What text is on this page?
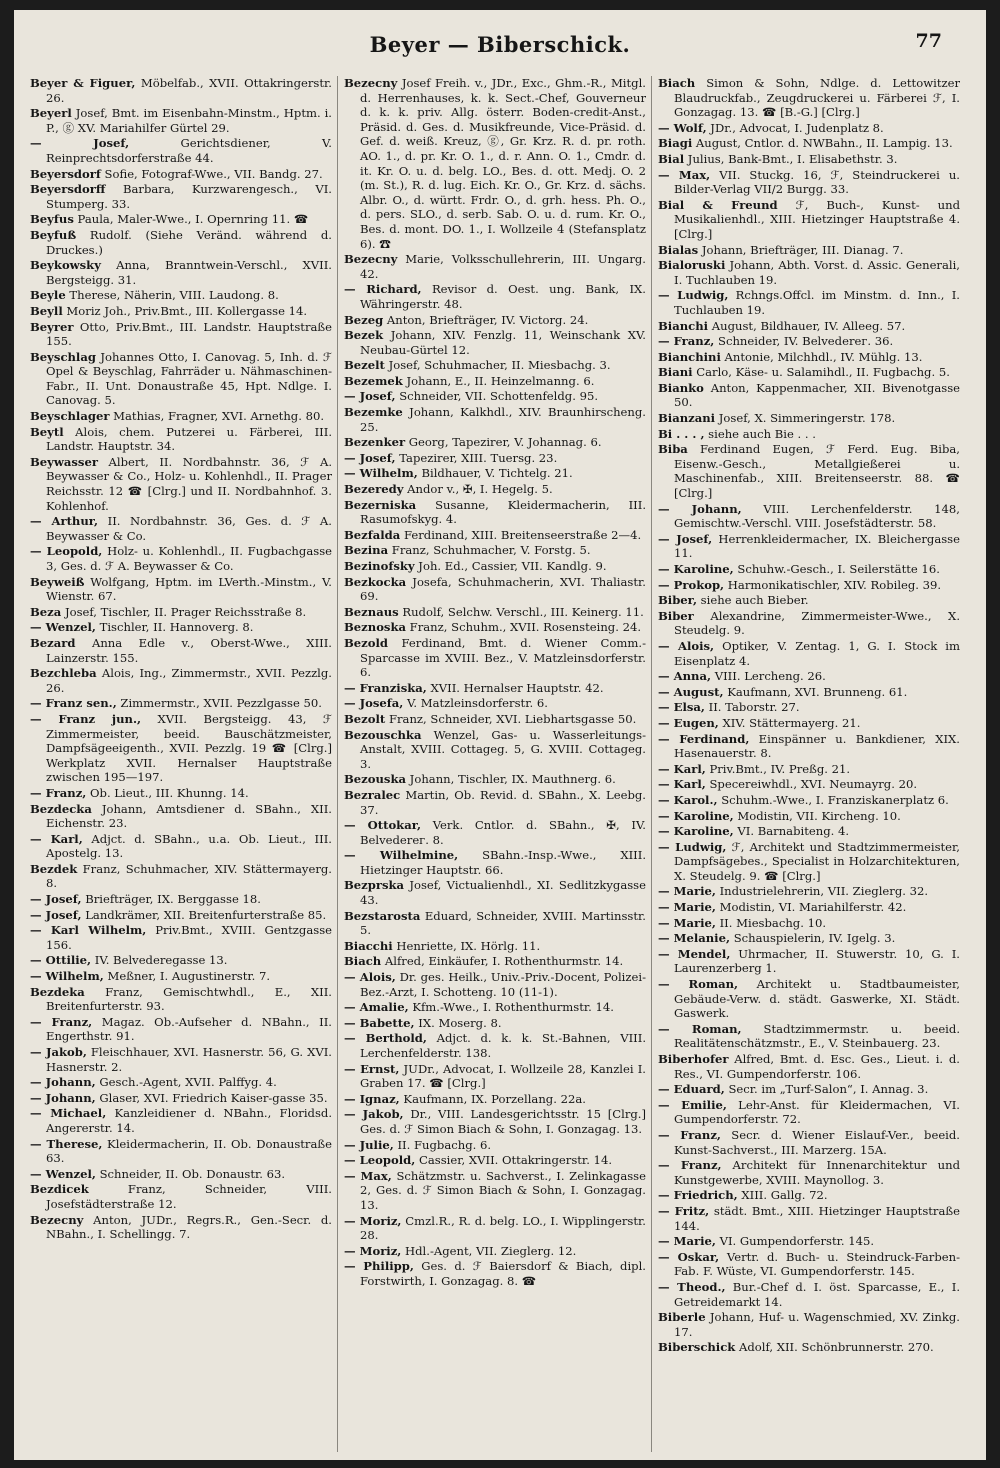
Beyer — Biberschick.	77
Beyer & Figuer, Möbelfab., XVII. Ottakringerstr. 26.
Beyerl Josef, Bmt. im Eisenbahn-Minstm., Hptm. i. P., ⓖ XV. Mariahilfer Gürtel 29.
— Josef, Gerichtsdiener, V. Reinprechtsdorferstraße 44.
Beyersdorf Sofie, Fotograf-Wwe., VII. Bandg. 27.
Beyersdorff Barbara, Kurzwarengesch., VI. Stumperg. 33.
Beyfus Paula, Maler-Wwe., I. Opernring 11. ☎
Beyfuß Rudolf. (Siehe Veränd. während d. Druckes.)
Beykowsky Anna, Branntwein-Verschl., XVII. Bergsteigg. 31.
Beyle Therese, Näherin, VIII. Laudong. 8.
Beyll Moriz Joh., Priv.Bmt., III. Kollergasse 14.
Beyrer Otto, Priv.Bmt., III. Landstr. Hauptstraße 155.
Beyschlag Johannes Otto, I. Canovag. 5, Inh. d. ℱ Opel & Beyschlag, Fahrräder u. Nähmaschinen-Fabr., II. Unt. Donaustraße 45, Hpt. Ndlge. I. Canovag. 5.
Beyschlager Mathias, Fragner, XVI. Arnethg. 80.
Beytl Alois, chem. Putzerei u. Färberei, III. Landstr. Hauptstr. 34.
Beywasser Albert, II. Nordbahnstr. 36, ℱ A. Beywasser & Co., Holz- u. Kohlenhdl., II. Prager Reichsstr. 12 ☎ [Clrg.] und II. Nordbahnhof. 3. Kohlenhof.
— Arthur, II. Nordbahnstr. 36, Ges. d. ℱ A. Beywasser & Co.
— Leopold, Holz- u. Kohlenhdl., II. Fugbachgasse 3, Ges. d. ℱ A. Beywasser & Co.
Beyweiß Wolfgang, Hptm. im LVerth.-Minstm., V. Wienstr. 67.
Beza Josef, Tischler, II. Prager Reichsstraße 8.
— Wenzel, Tischler, II. Hannoverg. 8.
Bezard Anna Edle v., Oberst-Wwe., XIII. Lainzerstr. 155.
Bezchleba Alois, Ing., Zimmermstr., XVII. Pezzlg. 26.
— Franz sen., Zimmermstr., XVII. Pezzlgasse 50.
— Franz jun., XVII. Bergsteigg. 43, ℱ Zimmermeister, beeid. Bauschätzmeister, Dampfsägeeigenth., XVII. Pezzlg. 19 ☎ [Clrg.] Werkplatz XVII. Hernalser Hauptstraße zwischen 195—197.
— Franz, Ob. Lieut., III. Khunng. 14.
Bezdecka Johann, Amtsdiener d. SBahn., XII. Eichenstr. 23.
— Karl, Adjct. d. SBahn., u.a. Ob. Lieut., III. Apostelg. 13.
Bezdek Franz, Schuhmacher, XIV. Stättermayerg. 8.
— Josef, Briefträger, IX. Berggasse 18.
— Josef, Landkrämer, XII. Breitenfurterstraße 85.
— Karl Wilhelm, Priv.Bmt., XVIII. Gentzgasse 156.
— Ottilie, IV. Belvederegasse 13.
— Wilhelm, Meßner, I. Augustinerstr. 7.
Bezdeka Franz, Gemischtwhdl., E., XII. Breitenfurterstr. 93.
— Franz, Magaz. Ob.-Aufseher d. NBahn., II. Engerthstr. 91.
— Jakob, Fleischhauer, XVI. Hasnerstr. 56, G. XVI. Hasnerstr. 2.
— Johann, Gesch.-Agent, XVII. Palffyg. 4.
— Johann, Glaser, XVI. Friedrich Kaiser-gasse 35.
— Michael, Kanzleidiener d. NBahn., Floridsd. Angererstr. 14.
— Therese, Kleidermacherin, II. Ob. Donaustraße 63.
— Wenzel, Schneider, II. Ob. Donaustr. 63.
Bezdicek Franz, Schneider, VIII. Josefstädterstraße 12.
Bezecny Anton, JUDr., Regrs.R., Gen.-Secr. d. NBahn., I. Schellingg. 7.
Bezecny Josef Freih. v., JDr., Exc., Ghm.-R., Mitgl. d. Herrenhauses, k. k. Sect.-Chef, Gouverneur d. k. k. priv. Allg. österr. Boden-credit-Anst., Präsid. d. Ges. d. Musikfreunde, Vice-Präsid. d. Gef. d. weiß. Kreuz, ⓖ, Gr. Krz. R. d. pr. roth. AO. 1., d. pr. Kr. O. 1., d. r. Ann. O. 1., Cmdr. d. it. Kr. O. u. d. belg. LO., Bes. d. ott. Medj. O. 2 (m. St.), R. d. lug. Eich. Kr. O., Gr. Krz. d. sächs. Albr. O., d. württ. Frdr. O., d. grh. hess. Ph. O., d. pers. SLO., d. serb. Sab. O. u. d. rum. Kr. O., Bes. d. mont. DO. 1., I. Wollzeile 4 (Stefansplatz 6). ☎
Bezecny Marie, Volksschullehrerin, III. Ungarg. 42.
— Richard, Revisor d. Oest. ung. Bank, IX. Währingerstr. 48.
Bezeg Anton, Briefträger, IV. Victorg. 24.
Bezek Johann, XIV. Fenzlg. 11, Weinschank XV. Neubau-Gürtel 12.
Bezelt Josef, Schuhmacher, II. Miesbachg. 3.
Bezemek Johann, E., II. Heinzelmanng. 6.
— Josef, Schneider, VII. Schottenfeldg. 95.
Bezemke Johann, Kalkhdl., XIV. Braunhirscheng. 25.
Bezenker Georg, Tapezirer, V. Johannag. 6.
— Josef, Tapezirer, XIII. Tuersg. 23.
— Wilhelm, Bildhauer, V. Tichtelg. 21.
Bezeredy Andor v., ✠, I. Hegelg. 5.
Bezerniska Susanne, Kleidermacherin, III. Rasumofskyg. 4.
Bezfalda Ferdinand, XIII. Breitenseerstraße 2—4.
Bezina Franz, Schuhmacher, V. Forstg. 5.
Bezinofsky Joh. Ed., Cassier, VII. Kandlg. 9.
Bezkocka Josefa, Schuhmacherin, XVI. Thaliastr. 69.
Beznaus Rudolf, Selchw. Verschl., III. Keinerg. 11.
Beznoska Franz, Schuhm., XVII. Rosensteing. 24.
Bezold Ferdinand, Bmt. d. Wiener Comm.-Sparcasse im XVIII. Bez., V. Matzleinsdorferstr. 6.
— Franziska, XVII. Hernalser Hauptstr. 42.
— Josefa, V. Matzleinsdorferstr. 6.
Bezolt Franz, Schneider, XVI. Liebhartsgasse 50.
Bezouschka Wenzel, Gas- u. Wasserleitungs-Anstalt, XVIII. Cottageg. 5, G. XVIII. Cottageg. 3.
Bezouska Johann, Tischler, IX. Mauthnerg. 6.
Bezralec Martin, Ob. Revid. d. SBahn., X. Leebg. 37.
— Ottokar, Verk. Cntlor. d. SBahn., ✠, IV. Belvederег. 8.
— Wilhelmine, SBahn.-Insp.-Wwe., XIII. Hietzinger Hauptstr. 66.
Bezprska Josef, Victualienhdl., XI. Sedlitzkygasse 43.
Bezstarosta Eduard, Schneider, XVIII. Martinsstr. 5.
Biacchi Henriette, IX. Hörlg. 11.
Biach Alfred, Einkäufer, I. Rothenthurmstr. 14.
— Alois, Dr. ges. Heilk., Univ.-Priv.-Docent, Polizei-Bez.-Arzt, I. Schotteng. 10 (11-1).
— Amalie, Kfm.-Wwe., I. Rothenthurmstr. 14.
— Babette, IX. Moserg. 8.
— Berthold, Adjct. d. k. k. St.-Bahnen, VIII. Lerchenfelderstr. 138.
— Ernst, JUDr., Advocat, I. Wollzeile 28, Kanzlei I. Graben 17. ☎ [Clrg.]
— Ignaz, Kaufmann, IX. Porzellang. 22a.
— Jakob, Dr., VIII. Landesgerichtsstr. 15 [Clrg.] Ges. d. ℱ Simon Biach & Sohn, I. Gonzagag. 13.
— Julie, II. Fugbachg. 6.
— Leopold, Cassier, XVII. Ottakringerstr. 14.
— Max, Schätzmstr. u. Sachverst., I. Zelinkagasse 2, Ges. d. ℱ Simon Biach & Sohn, I. Gonzagag. 13.
— Moriz, Cmzl.R., R. d. belg. LO., I. Wipplingerstr. 28.
— Moriz, Hdl.-Agent, VII. Zieglerg. 12.
— Philipp, Ges. d. ℱ Baiersdorf & Biach, dipl. Forstwirth, I. Gonzagag. 8. ☎
Biach Simon & Sohn, Ndlge. d. Lettowitzer Blaudruckfab., Zeugdruckerei u. Färberei ℱ, I. Gonzagag. 13. ☎ [B.-G.] [Clrg.]
— Wolf, JDr., Advocat, I. Judenplatz 8.
Biagi August, Cntlor. d. NWBahn., II. Lampig. 13.
Bial Julius, Bank-Bmt., I. Elisabethstr. 3.
— Max, VII. Stuckg. 16, ℱ, Steindruckerei u. Bilder-Verlag VII/2 Burgg. 33.
Bial & Freund ℱ, Buch-, Kunst- und Musikalienhdl., XIII. Hietzinger Hauptstraße 4. [Clrg.]
Bialas Johann, Briefträger, III. Dianag. 7.
Bialoruski Johann, Abth. Vorst. d. Assic. Generali, I. Tuchlauben 19.
— Ludwig, Rchngs.Offcl. im Minstm. d. Inn., I. Tuchlauben 19.
Bianchi August, Bildhauer, IV. Alleeg. 57.
— Franz, Schneider, IV. Belvederег. 36.
Bianchini Antonie, Milchhdl., IV. Mühlg. 13.
Biani Carlo, Käse- u. Salamihdl., II. Fugbachg. 5.
Bianko Anton, Kappenmacher, XII. Bivenotgasse 50.
Bianzani Josef, X. Simmeringerstr. 178.
Bi . . . , siehe auch Bie . . .
Biba Ferdinand Eugen, ℱ Ferd. Eug. Biba, Eisenw.-Gesch., Metallgießerei u. Maschinenfab., XIII. Breitenseerstr. 88. ☎ [Clrg.]
— Johann, VIII. Lerchenfelderstr. 148, Gemischtw.-Verschl. VIII. Josefstädterstr. 58.
— Josef, Herrenkleidermacher, IX. Bleichergasse 11.
— Karoline, Schuhw.-Gesch., I. Seilerstätte 16.
— Prokop, Harmonikatischler, XIV. Robileg. 39.
Biber, siehe auch Bieber.
Biber Alexandrine, Zimmermeister-Wwe., X. Steudelg. 9.
— Alois, Optiker, V. Zentag. 1, G. I. Stock im Eisenplatz 4.
— Anna, VIII. Lercheng. 26.
— August, Kaufmann, XVI. Brunneng. 61.
— Elsa, II. Taborstr. 27.
— Eugen, XIV. Stättermayerg. 21.
— Ferdinand, Einspänner u. Bankdiener, XIX. Hasenauerstr. 8.
— Karl, Priv.Bmt., IV. Preßg. 21.
— Karl, Specereiwhdl., XVI. Neumayrg. 20.
— Karol., Schuhm.-Wwe., I. Franziskanerplatz 6.
— Karoline, Modistin, VII. Kircheng. 10.
— Karoline, VI. Barnabiteng. 4.
— Ludwig, ℱ, Architekt und Stadtzimmermeister, Dampfsägebes., Specialist in Holzarchitekturen, X. Steudelg. 9. ☎ [Clrg.]
— Marie, Industrielehrerin, VII. Zieglerg. 32.
— Marie, Modistin, VI. Mariahilferstr. 42.
— Marie, II. Miesbachg. 10.
— Melanie, Schauspielerin, IV. Igelg. 3.
— Mendel, Uhrmacher, II. Stuwerstr. 10, G. I. Laurenzerberg 1.
— Roman, Architekt u. Stadtbaumeister, Gebäude-Verw. d. städt. Gaswerke, XI. Städt. Gaswerk.
— Roman, Stadtzimmermstr. u. beeid. Realitätenschätzmstr., E., V. Steinbauerg. 23.
Biberhofer Alfred, Bmt. d. Esc. Ges., Lieut. i. d. Res., VI. Gumpendorferstr. 106.
— Eduard, Secr. im „Turf-Salon“, I. Annag. 3.
— Emilie, Lehr-Anst. für Kleidermachen, VI. Gumpendorferstr. 72.
— Franz, Secr. d. Wiener Eislauf-Ver., beeid. Kunst-Sachverst., III. Marzerg. 15A.
— Franz, Architekt für Innenarchitektur und Kunstgewerbe, XVIII. Maynollog. 3.
— Friedrich, XIII. Gallg. 72.
— Fritz, städt. Bmt., XIII. Hietzinger Hauptstraße 144.
— Marie, VI. Gumpendorferstr. 145.
— Oskar, Vertr. d. Buch- u. Steindruck-Farben-Fab. F. Wüste, VI. Gumpendorferstr. 145.
— Theod., Bur.-Chef d. I. öst. Sparcasse, E., I. Getreidemarkt 14.
Biberle Johann, Huf- u. Wagenschmied, XV. Zinkg. 17.
Biberschick Adolf, XII. Schönbrunnerstr. 270.
